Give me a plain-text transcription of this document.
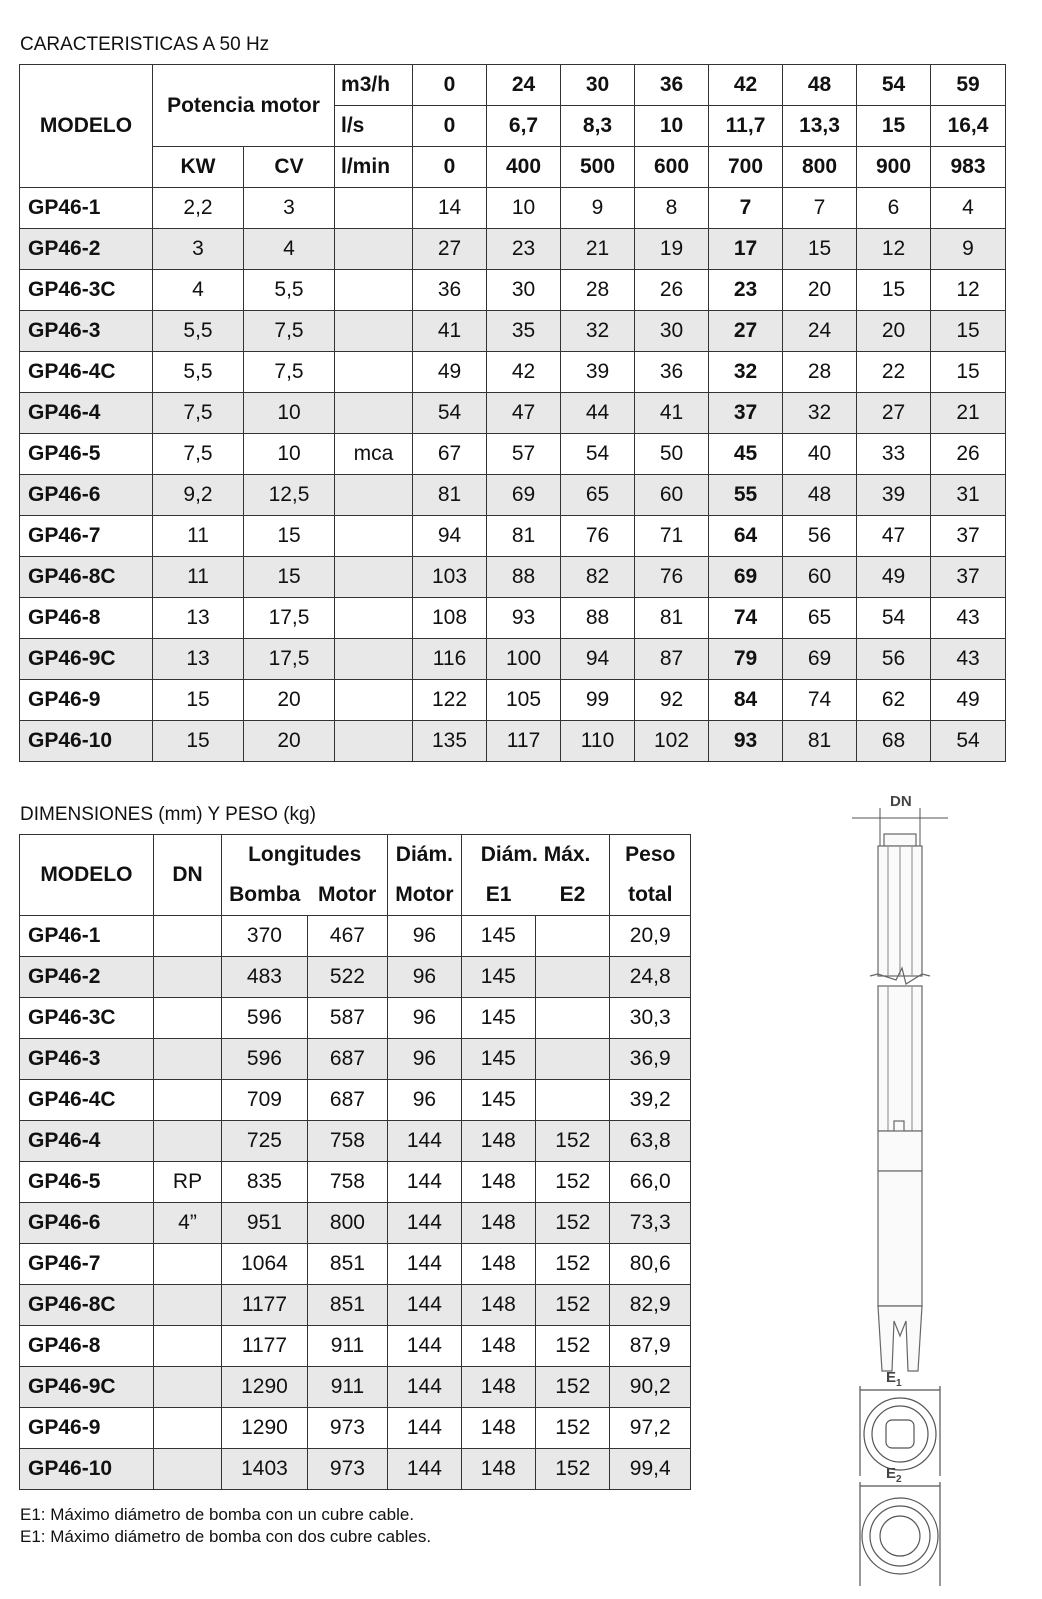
CARACTERISTICAS A 50 Hz
MODELO	Potencia motor		m3/h	0	24	30	36	42	48	54	59
			l/s	0	6,7	8,3	10	11,7	13,3	15	16,4
	KW	CV	l/min	0	400	500	600	700	800	900	983
GP46-1	2,2	3		14	10	9	8	7	7	6	4
GP46-2	3	4		27	23	21	19	17	15	12	9
GP46-3C	4	5,5		36	30	28	26	23	20	15	12
GP46-3	5,5	7,5		41	35	32	30	27	24	20	15
GP46-4C	5,5	7,5		49	42	39	36	32	28	22	15
GP46-4	7,5	10		54	47	44	41	37	32	27	21
GP46-5	7,5	10	mca	67	57	54	50	45	40	33	26
GP46-6	9,2	12,5		81	69	65	60	55	48	39	31
GP46-7	11	15		94	81	76	71	64	56	47	37
GP46-8C	11	15		103	88	82	76	69	60	49	37
GP46-8	13	17,5		108	93	88	81	74	65	54	43
GP46-9C	13	17,5		116	100	94	87	79	69	56	43
GP46-9	15	20		122	105	99	92	84	74	62	49
GP46-10	15	20		135	117	110	102	93	81	68	54
DIMENSIONES (mm) Y PESO (kg)
MODELO	DN	Longitudes		Diám.	Diám. Máx.		Peso
		Bomba	Motor	Motor	E1	E2	total
GP46-1		370	467	96	145		20,9
GP46-2		483	522	96	145		24,8
GP46-3C		596	587	96	145		30,3
GP46-3		596	687	96	145		36,9
GP46-4C		709	687	96	145		39,2
GP46-4		725	758	144	148	152	63,8
GP46-5	RP	835	758	144	148	152	66,0
GP46-6	4”	951	800	144	148	152	73,3
GP46-7		1064	851	144	148	152	80,6
GP46-8C		1177	851	144	148	152	82,9
GP46-8		1177	911	144	148	152	87,9
GP46-9C		1290	911	144	148	152	90,2
GP46-9		1290	973	144	148	152	97,2
GP46-10		1403	973	144	148	152	99,4
E1: Máximo diámetro de bomba con un cubre cable.
E1: Máximo diámetro de bomba con dos cubre cables.
DN
$E_1$
$E_2$
